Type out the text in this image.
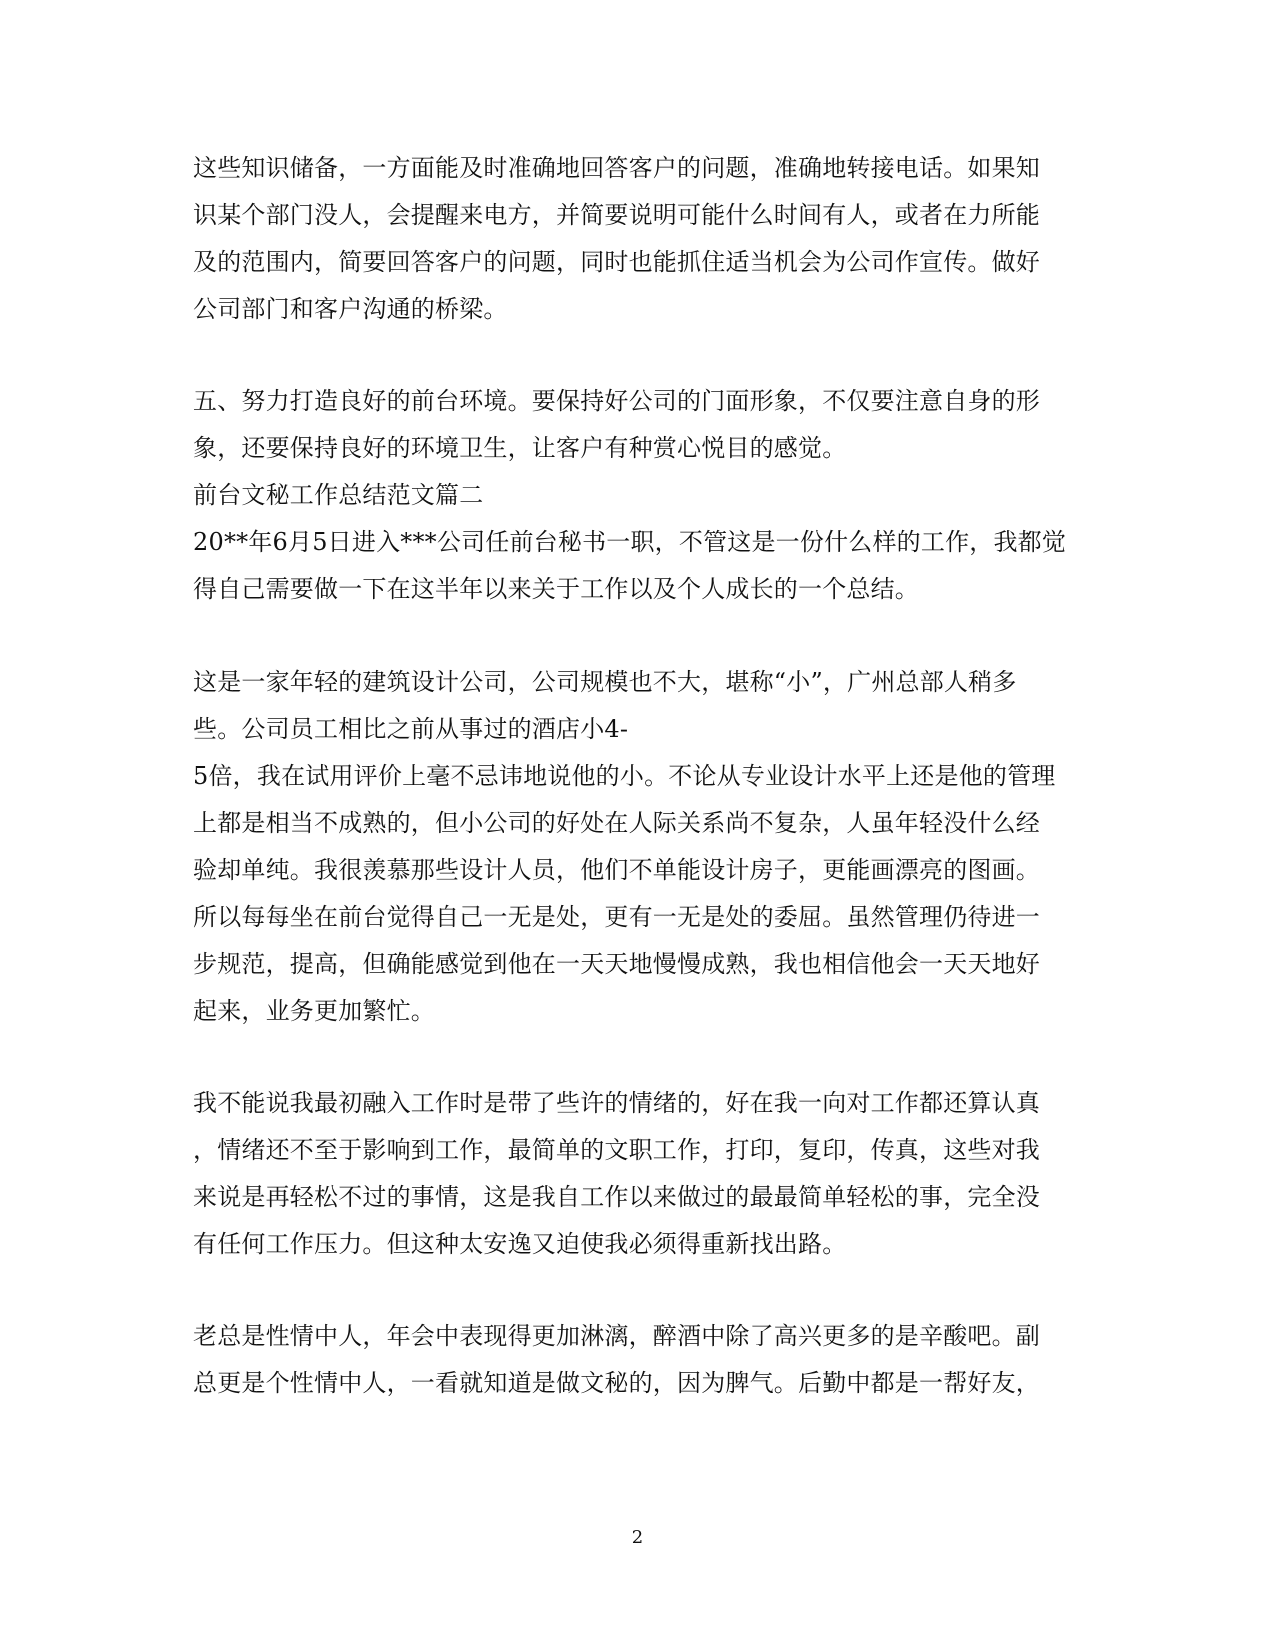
这些知识储备，一方面能及时准确地回答客户的问题，准确地转接电话。如果知
识某个部门没人，会提醒来电方，并简要说明可能什么时间有人，或者在力所能
及的范围内，简要回答客户的问题，同时也能抓住适当机会为公司作宣传。做好
公司部门和客户沟通的桥梁。
五、努力打造良好的前台环境。要保持好公司的门面形象，不仅要注意自身的形
象，还要保持良好的环境卫生，让客户有种赏心悦目的感觉。
前台文秘工作总结范文篇二
20**年6月5日进入***公司任前台秘书一职，不管这是一份什么样的工作，我都觉
得自己需要做一下在这半年以来关于工作以及个人成长的一个总结。
这是一家年轻的建筑设计公司，公司规模也不大，堪称“小”，广州总部人稍多
些。公司员工相比之前从事过的酒店小4-
5倍，我在试用评价上毫不忌讳地说他的小。不论从专业设计水平上还是他的管理
上都是相当不成熟的，但小公司的好处在人际关系尚不复杂，人虽年轻没什么经
验却单纯。我很羡慕那些设计人员，他们不单能设计房子，更能画漂亮的图画。
所以每每坐在前台觉得自己一无是处，更有一无是处的委屈。虽然管理仍待进一
步规范，提高，但确能感觉到他在一天天地慢慢成熟，我也相信他会一天天地好
起来，业务更加繁忙。
我不能说我最初融入工作时是带了些许的情绪的，好在我一向对工作都还算认真
，情绪还不至于影响到工作，最简单的文职工作，打印，复印，传真，这些对我
来说是再轻松不过的事情，这是我自工作以来做过的最最简单轻松的事，完全没
有任何工作压力。但这种太安逸又迫使我必须得重新找出路。
老总是性情中人，年会中表现得更加淋漓，醉酒中除了高兴更多的是辛酸吧。副
总更是个性情中人，一看就知道是做文秘的，因为脾气。后勤中都是一帮好友，
2
